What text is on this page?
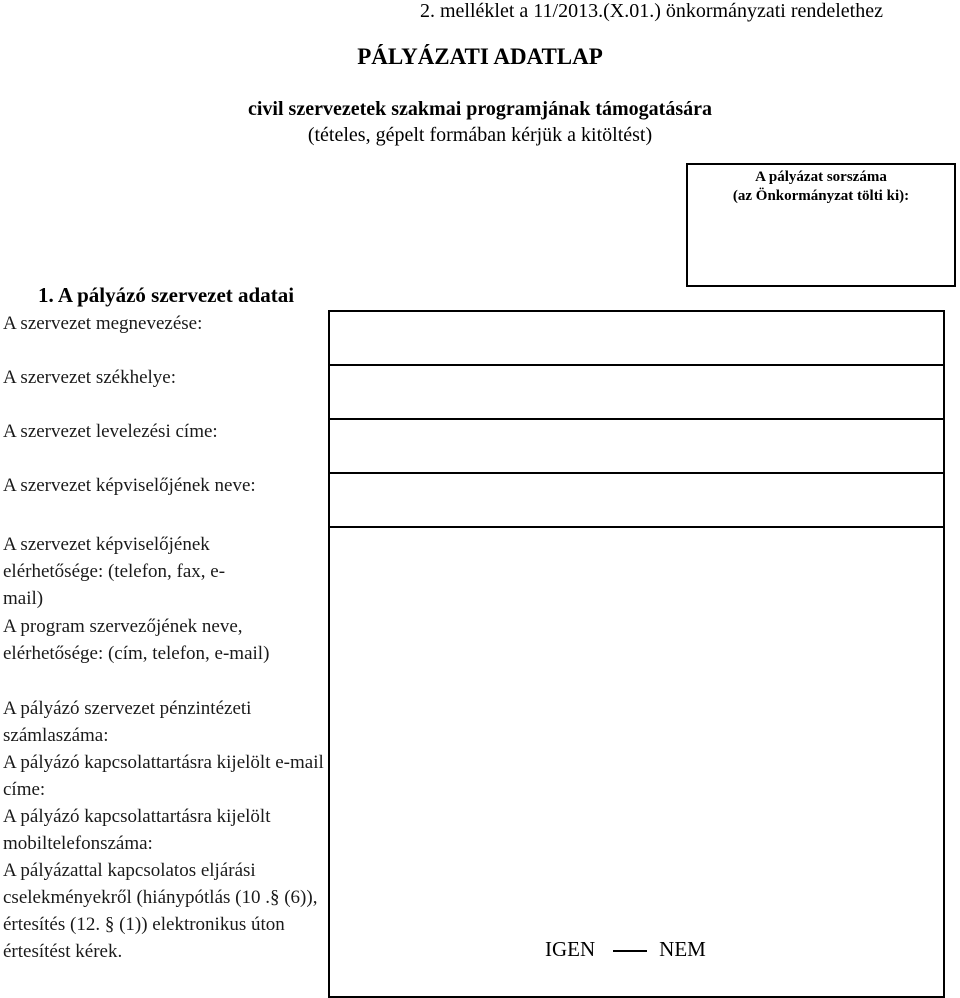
2. melléklet a 11/2013.(X.01.) önkormányzati rendelethez
PÁLYÁZATI ADATLAP
civil szervezetek szakmai programjának támogatására
(tételes, gépelt formában kérjük a kitöltést)
A pályázat sorszáma
(az Önkormányzat tölti ki):
1. A pályázó szervezet adatai
A szervezet megnevezése:
A szervezet székhelye:
A szervezet levelezési címe:
A szervezet képviselőjének neve:
A szervezet képviselőjének elérhetősége: (telefon, fax, e-mail)
A program szervezőjének neve, elérhetősége: (cím, telefon, e-mail)
A pályázó szervezet pénzintézeti számlaszáma:
A pályázó kapcsolattartásra kijelölt e-mail címe:
A pályázó kapcsolattartásra kijelölt mobiltelefonszáma:
A pályázattal kapcsolatos eljárási cselekményekről (hiánypótlás (10 .§ (6)), értesítés (12. § (1)) elektronikus úton értesítést kérek.	IGEN	NEM
